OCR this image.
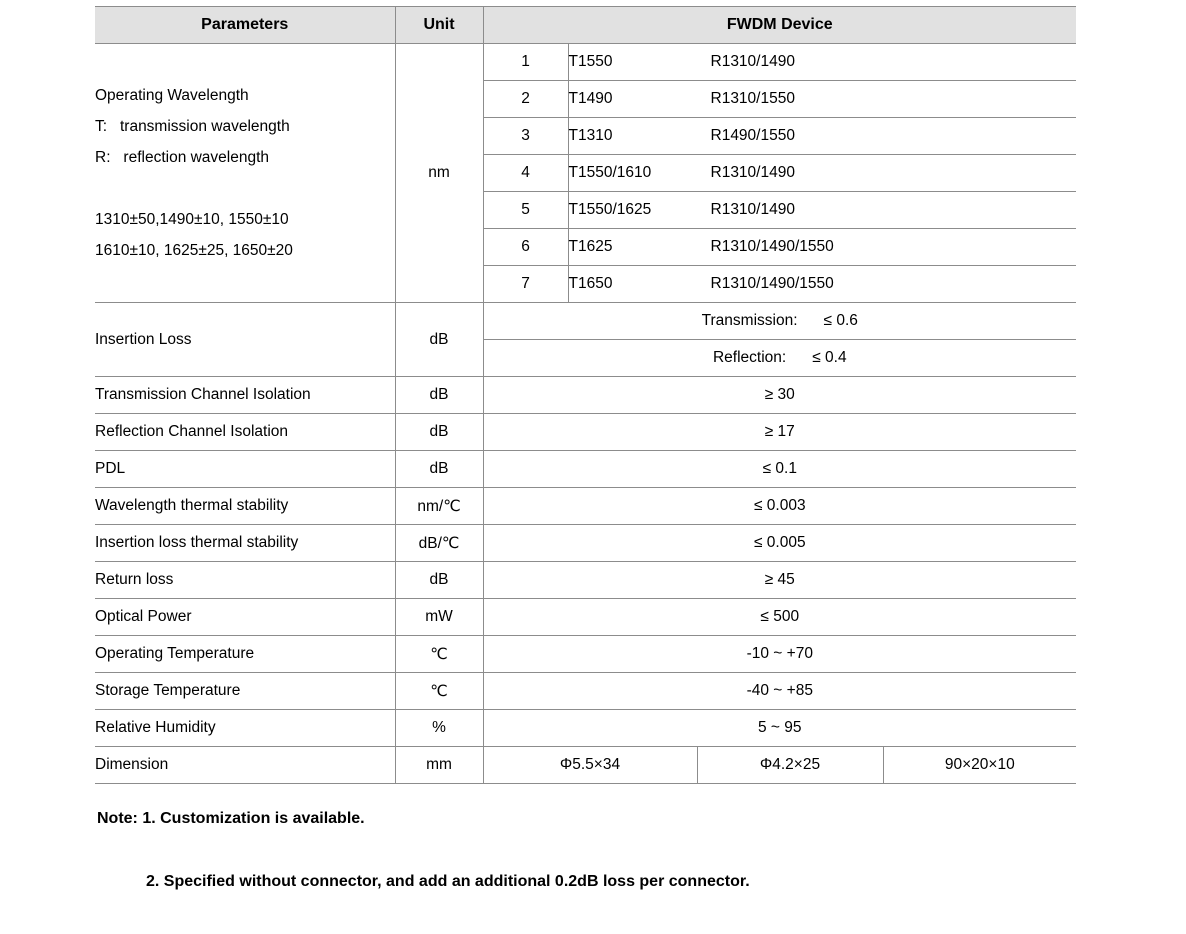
Parameters	Unit	FWDM Device			

Operating Wavelength
T:   transmission wavelength
R:   reflection wavelength
1310±50,1490±10, 1550±10
1610±10, 1625±25, 1650±20	nm	1	T1550 R1310/1490		
		2	T1490 R1310/1550		
		3	T1310 R1490/1550		
		4	T1550/1610 R1310/1490		
		5	T1550/1625 R1310/1490		
		6	T1625 R1310/1490/1550		
		7	T1650 R1310/1490/1550		
Insertion Loss	dB	Transmission: ≤ 0.6			

		Reflection: ≤ 0.4			

Transmission Channel Isolation	dB	≥ 30			
Reflection Channel Isolation	dB	≥ 17			
PDL	dB	≤ 0.1			
Wavelength thermal stability	nm/℃	≤ 0.003			
Insertion loss thermal stability	dB/℃	≤ 0.005			
Return loss	dB	≥ 45			
Optical Power	mW	≤ 500			
Operating Temperature	℃	-10 ~ +70			
Storage Temperature	℃	-40 ~ +85			
Relative Humidity	%	5 ~ 95			
Dimension	mm	Φ5.5×34		Φ4.2×25	90×20×10

Note: 1. Customization is available.

2. Specified without connector, and add an additional 0.2dB loss per connector.
